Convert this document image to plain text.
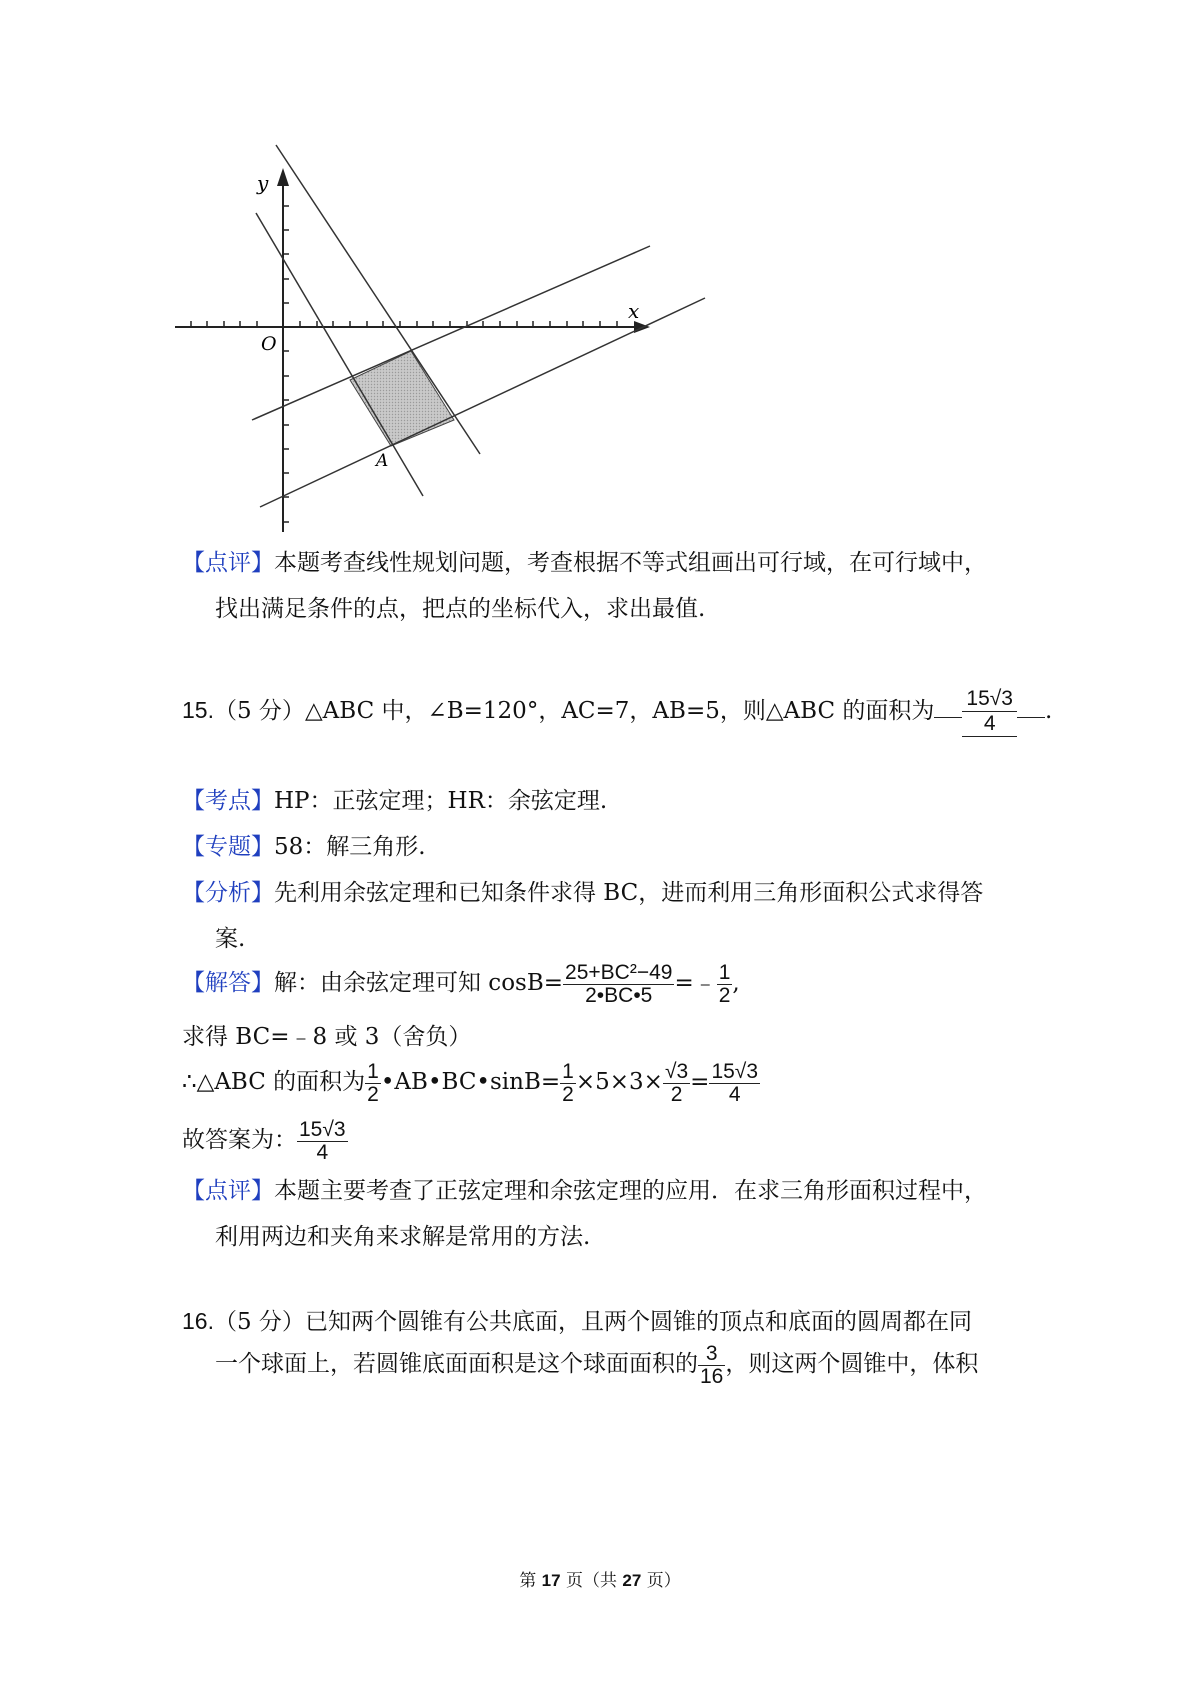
y
x
O
A
【点评】本题考查线性规划问题，考查根据不等式组画出可行域，在可行域中，
找出满足条件的点，把点的坐标代入，求出最值.
15.（5 分）△ABC 中，∠B=120°，AC=7，AB=5，则△ABC 的面积为 $\frac{15√3}{4}$ .
【考点】HP：正弦定理；HR：余弦定理.
【专题】58：解三角形.
【分析】先利用余弦定理和已知条件求得 BC，进而利用三角形面积公式求得答
案.
【解答】解：由余弦定理可知 $\cos B= \frac{\text{25+BC²−49}}{2•BC•5}$ =﹣ $\frac{1}{2}$ ,
求得 BC=﹣8 或 3（舍负）
∴△ABC 的面积为 $\frac{1}{2}$ •AB•BC•sinB= $\frac{1}{2} \times 5\times 3\times \frac{√3}{2} = \frac{15√3}{4}$
故答案为： $\frac{15√3}{4}$
【点评】本题主要考查了正弦定理和余弦定理的应用．在求三角形面积过程中，
利用两边和夹角来求解是常用的方法.
16.（5 分）已知两个圆锥有公共底面，且两个圆锥的顶点和底面的圆周都在同
一个球面上，若圆锥底面面积是这个球面面积的 $\frac{3}{16}$ ，则这两个圆锥中，体积
第 17 页（共 27 页）
